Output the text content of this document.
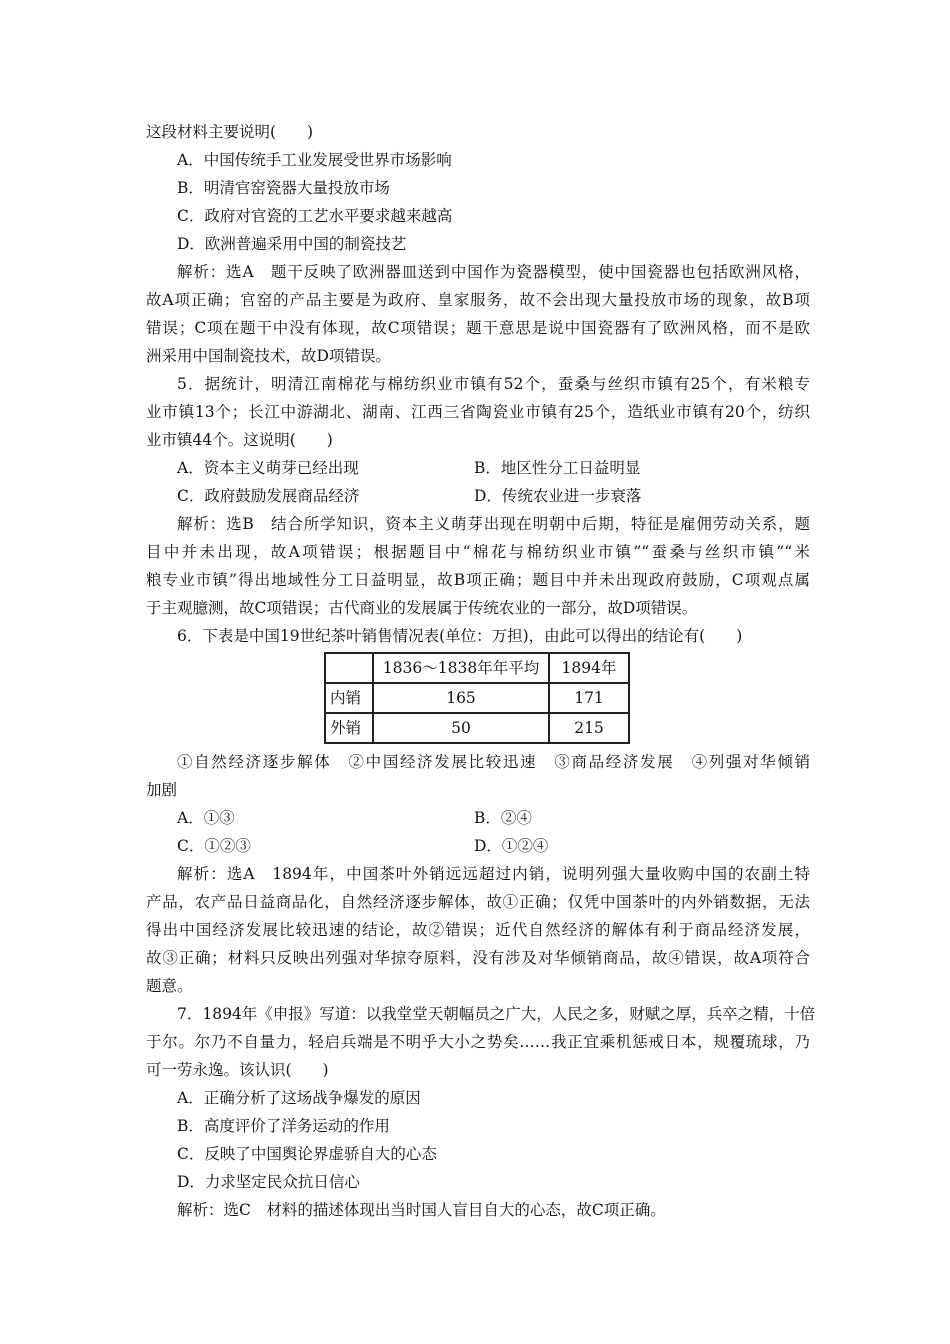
这段材料主要说明(　　)
A．中国传统手工业发展受世界市场影响
B．明清官窑瓷器大量投放市场
C．政府对官瓷的工艺水平要求越来越高
D．欧洲普遍采用中国的制瓷技艺
解析：选A　题干反映了欧洲器皿送到中国作为瓷器模型，使中国瓷器也包括欧洲风格，
故A项正确；官窑的产品主要是为政府、皇家服务，故不会出现大量投放市场的现象，故B项
错误；C项在题干中没有体现，故C项错误；题干意思是说中国瓷器有了欧洲风格，而不是欧
洲采用中国制瓷技术，故D项错误。
5．据统计，明清江南棉花与棉纺织业市镇有52个，蚕桑与丝织市镇有25个，有米粮专
业市镇13个；长江中游湖北、湖南、江西三省陶瓷业市镇有25个，造纸业市镇有20个，纺织
业市镇44个。这说明(　　)
A．资本主义萌芽已经出现	B．地区性分工日益明显
C．政府鼓励发展商品经济	D．传统农业进一步衰落
解析：选B　结合所学知识，资本主义萌芽出现在明朝中后期，特征是雇佣劳动关系，题
目中并未出现，故A项错误；根据题目中“棉花与棉纺织业市镇”“蚕桑与丝织市镇”“米
粮专业市镇”得出地域性分工日益明显，故B项正确；题目中并未出现政府鼓励，C项观点属
于主观臆测，故C项错误；古代商业的发展属于传统农业的一部分，故D项错误。
6．下表是中国19世纪茶叶销售情况表(单位：万担)，由此可以得出的结论有(　　)
	1836～1838年年平均	1894年
内销	165	171
外销	50	215
①自然经济逐步解体　②中国经济发展比较迅速　③商品经济发展　④列强对华倾销
加剧
A．①③	B．②④
C．①②③	D．①②④
解析：选A　1894年，中国茶叶外销远远超过内销，说明列强大量收购中国的农副土特
产品，农产品日益商品化，自然经济逐步解体，故①正确；仅凭中国茶叶的内外销数据，无法
得出中国经济发展比较迅速的结论，故②错误；近代自然经济的解体有利于商品经济发展，
故③正确；材料只反映出列强对华掠夺原料，没有涉及对华倾销商品，故④错误，故A项符合
题意。
7．1894年《申报》写道：以我堂堂天朝幅员之广大，人民之多，财赋之厚，兵卒之精，十倍
于尔。尔乃不自量力，轻启兵端是不明乎大小之势矣……我正宜乘机惩戒日本，规覆琉球，乃
可一劳永逸。该认识(　　)
A．正确分析了这场战争爆发的原因
B．高度评价了洋务运动的作用
C．反映了中国舆论界虚骄自大的心态
D．力求坚定民众抗日信心
解析：选C　材料的描述体现出当时国人盲目自大的心态，故C项正确。
